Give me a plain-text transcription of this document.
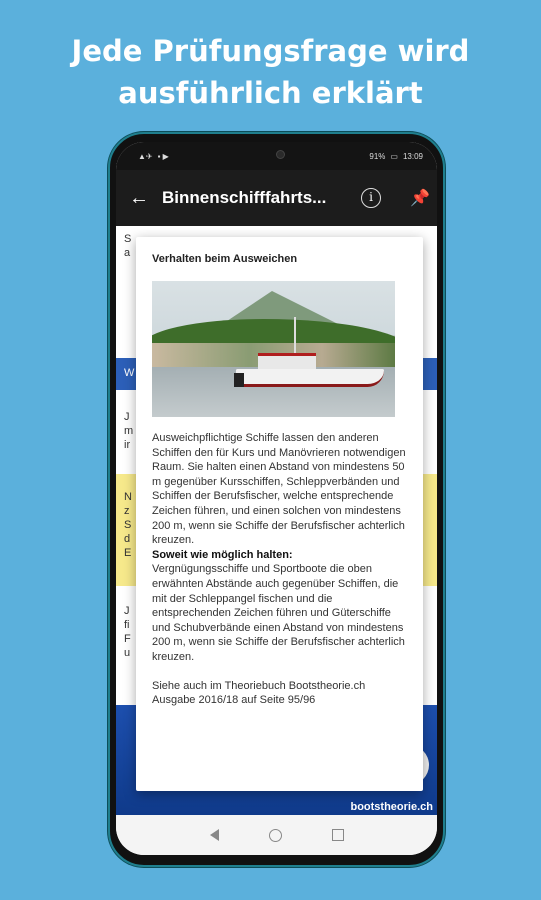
Jede Prüfungsfrage wird
ausführlich erklärt
▲✈ ▪ ▶	91% ▭ 13:09
← Binnenschifffahrts...	i	📌
S
a
W
J
m
ir
N
z
S
d
E
J
fi
F
u
bootstheorie.ch
Verhalten beim Ausweichen
Ausweichpflichtige Schiffe lassen den anderen Schiffen den für Kurs und Manövrieren notwendigen Raum. Sie halten einen Abstand von mindestens 50 m gegenüber Kursschiffen, Schleppverbänden und Schiffen der Berufsfischer, welche entsprechende Zeichen führen, und einen solchen von mindestens 200 m, wenn sie Schiffe der Berufsfischer achterlich kreuzen.
Soweit wie möglich halten:
Vergnügungsschiffe und Sportboote die oben erwähnten Abstände auch gegenüber Schiffen, die mit der Schleppangel fischen und die entsprechenden Zeichen führen und Güterschiffe und Schubverbände einen Abstand von mindestens 200 m, wenn sie Schiffe der Berufsfischer achterlich kreuzen.
Siehe auch im Theoriebuch Bootstheorie.ch Ausgabe 2016/18 auf Seite 95/96
